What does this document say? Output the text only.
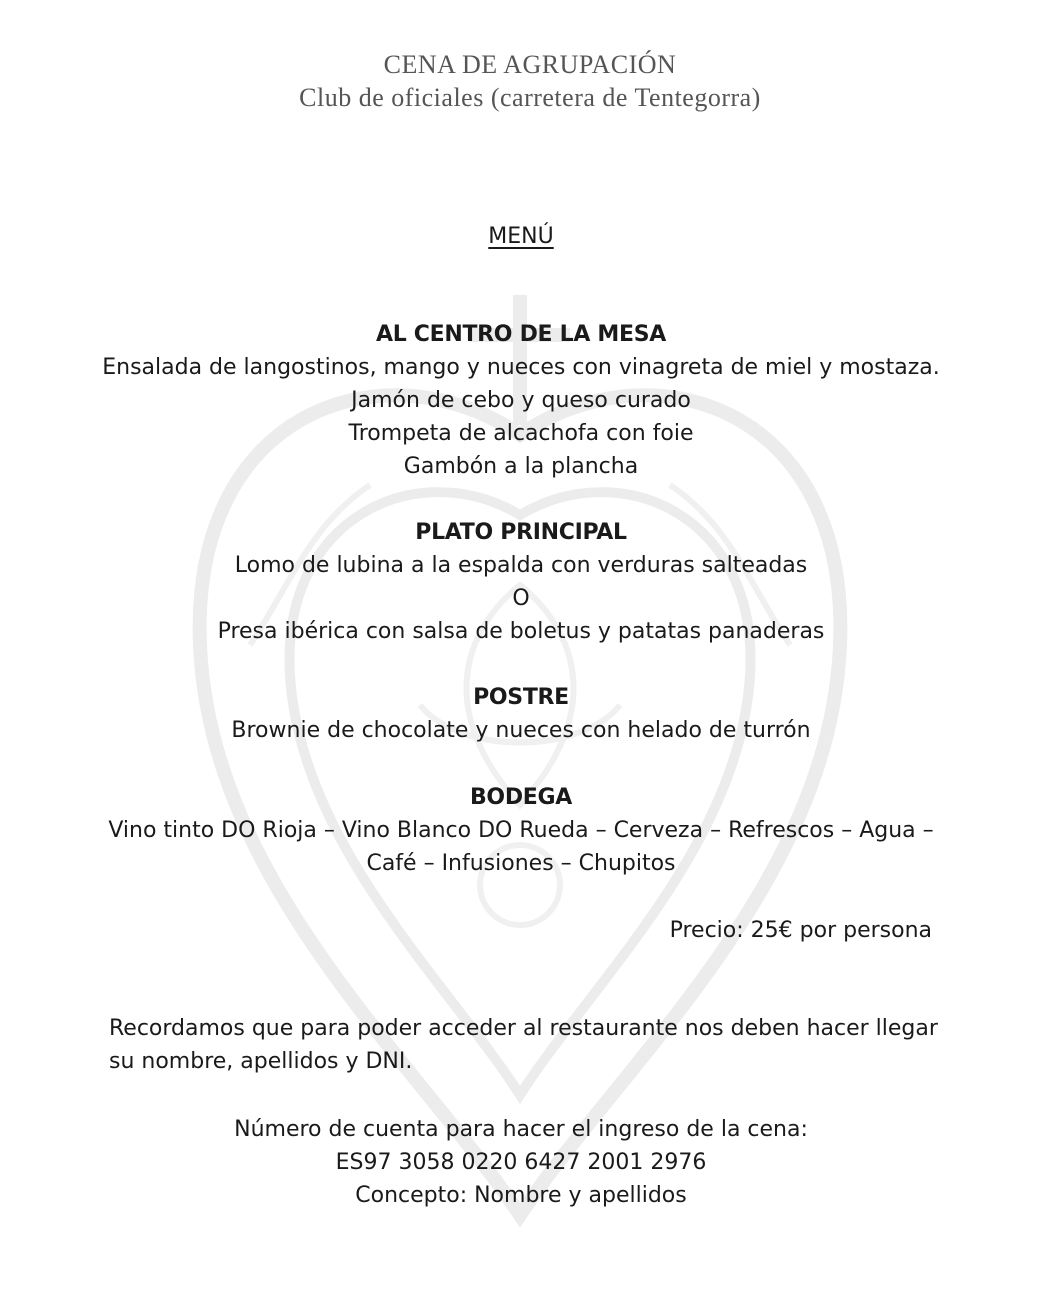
CENA DE AGRUPACIÓN
Club de oficiales (carretera de Tentegorra)
MENÚ
AL CENTRO DE LA MESA
Ensalada de langostinos, mango y nueces con vinagreta de miel y mostaza.
Jamón de cebo y queso curado
Trompeta de alcachofa con foie
Gambón a la plancha
PLATO PRINCIPAL
Lomo de lubina a la espalda con verduras salteadas
O
Presa ibérica con salsa de boletus y patatas panaderas
POSTRE
Brownie de chocolate y nueces con helado de turrón
BODEGA
Vino tinto DO Rioja – Vino Blanco DO Rueda – Cerveza – Refrescos – Agua –
Café – Infusiones – Chupitos
Precio: 25€ por persona
Recordamos que para poder acceder al restaurante nos deben hacer llegar
su nombre, apellidos y DNI.
Número de cuenta para hacer el ingreso de la cena:
ES97 3058 0220 6427 2001 2976
Concepto: Nombre y apellidos
